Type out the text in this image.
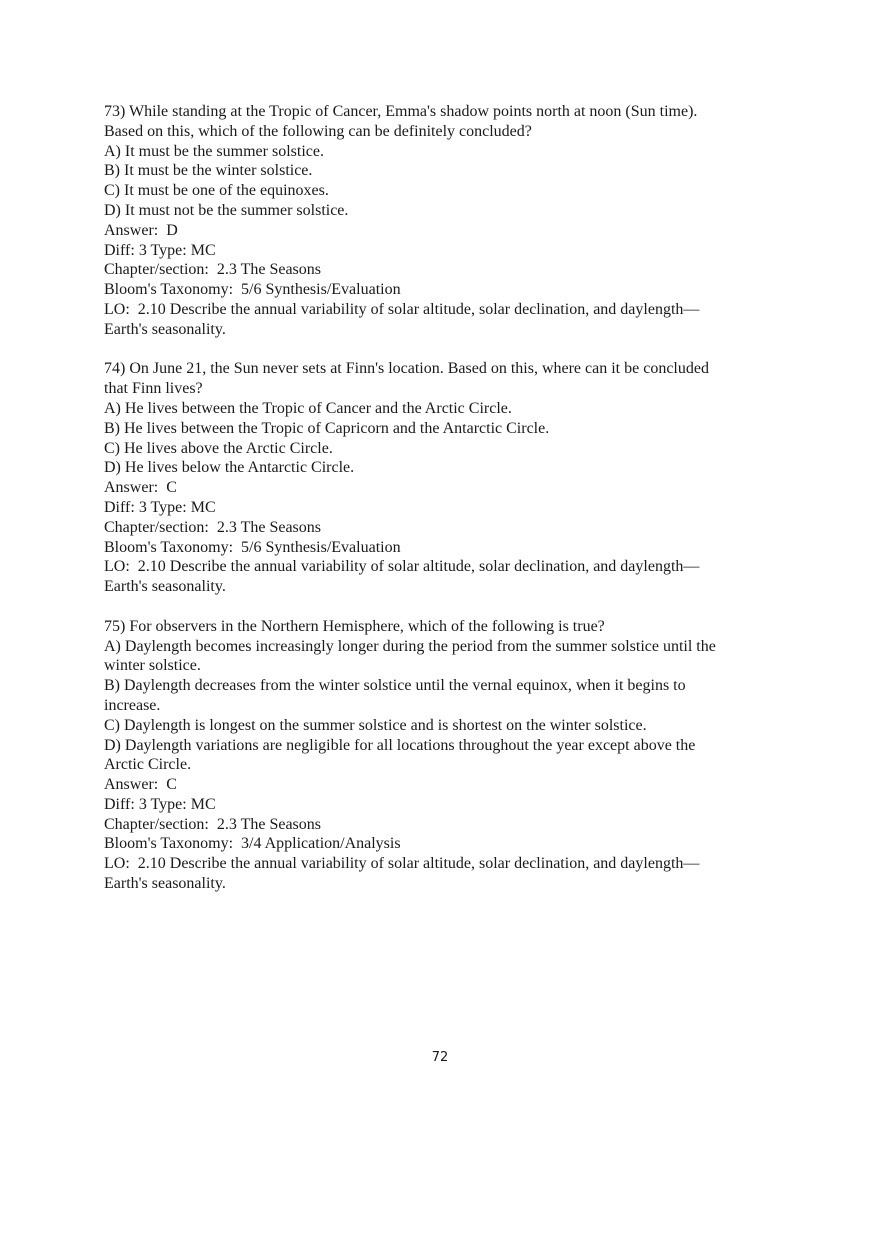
73) While standing at the Tropic of Cancer, Emma's shadow points north at noon (Sun time).
Based on this, which of the following can be definitely concluded?
A) It must be the summer solstice.
B) It must be the winter solstice.
C) It must be one of the equinoxes.
D) It must not be the summer solstice.
Answer:  D
Diff: 3 Type: MC
Chapter/section:  2.3 The Seasons
Bloom's Taxonomy:  5/6 Synthesis/Evaluation
LO:  2.10 Describe the annual variability of solar altitude, solar declination, and daylength—
Earth's seasonality.
74) On June 21, the Sun never sets at Finn's location. Based on this, where can it be concluded
that Finn lives?
A) He lives between the Tropic of Cancer and the Arctic Circle.
B) He lives between the Tropic of Capricorn and the Antarctic Circle.
C) He lives above the Arctic Circle.
D) He lives below the Antarctic Circle.
Answer:  C
Diff: 3 Type: MC
Chapter/section:  2.3 The Seasons
Bloom's Taxonomy:  5/6 Synthesis/Evaluation
LO:  2.10 Describe the annual variability of solar altitude, solar declination, and daylength—
Earth's seasonality.
75) For observers in the Northern Hemisphere, which of the following is true?
A) Daylength becomes increasingly longer during the period from the summer solstice until the
winter solstice.
B) Daylength decreases from the winter solstice until the vernal equinox, when it begins to
increase.
C) Daylength is longest on the summer solstice and is shortest on the winter solstice.
D) Daylength variations are negligible for all locations throughout the year except above the
Arctic Circle.
Answer:  C
Diff: 3 Type: MC
Chapter/section:  2.3 The Seasons
Bloom's Taxonomy:  3/4 Application/Analysis
LO:  2.10 Describe the annual variability of solar altitude, solar declination, and daylength—
Earth's seasonality.
72
